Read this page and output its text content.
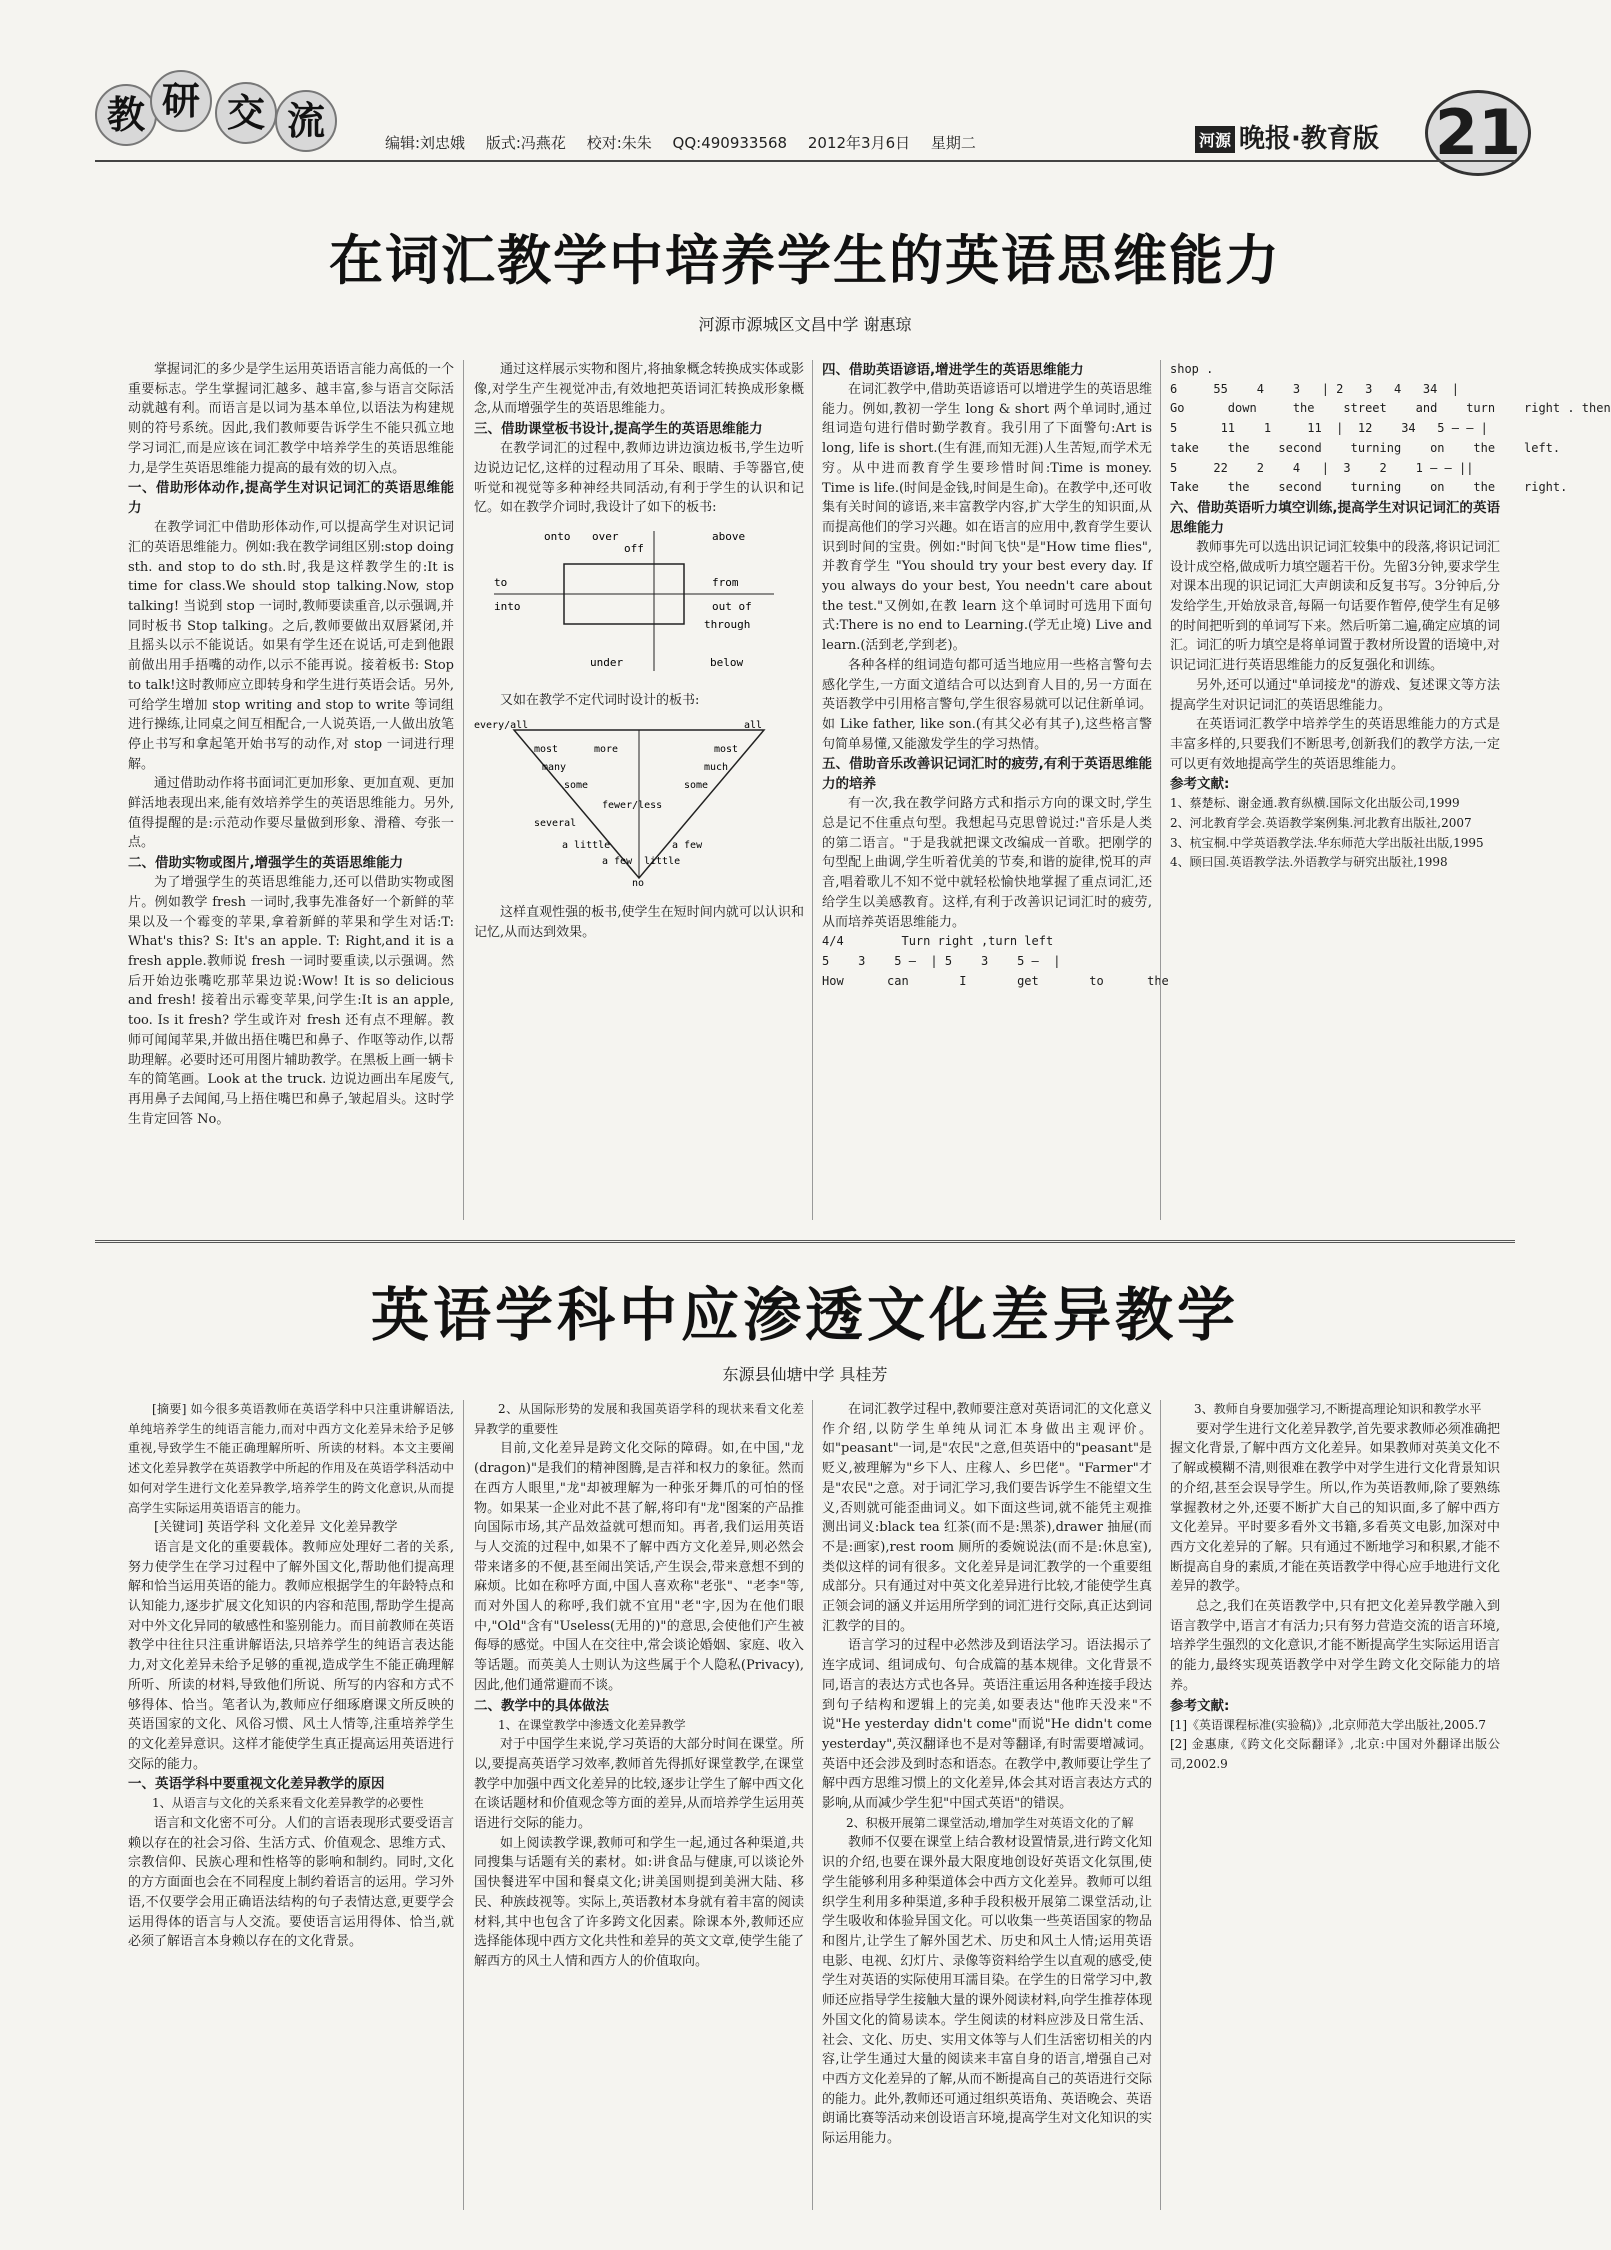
教 研 交 流	编辑:刘忠娥 版式:冯燕花 校对:朱朱 QQ:490933568 2012年3月6日 星期二	河源 晚报·教育版 21
在词汇教学中培养学生的英语思维能力
河源市源城区文昌中学 谢惠琼

掌握词汇的多少是学生运用英语语言能力高低的一个重要标志。学生掌握词汇越多、越丰富,参与语言交际活动就越有利。而语言是以词为基本单位,以语法为构建规则的符号系统。因此,我们教师要告诉学生不能只孤立地学习词汇,而是应该在词汇教学中培养学生的英语思维能力,是学生英语思维能力提高的最有效的切入点。

一、借助形体动作,提高学生对识记词汇的英语思维能力

在教学词汇中借助形体动作,可以提高学生对识记词汇的英语思维能力。例如:我在教学词组区别:stop doing sth. and stop to do sth.时,我是这样教学生的:It is time for class.We should stop talking.Now, stop talking! 当说到 stop 一词时,教师要读重音,以示强调,并同时板书 Stop talking。之后,教师要做出双唇紧闭,并且摇头以示不能说话。如果有学生还在说话,可走到他跟前做出用手捂嘴的动作,以示不能再说。接着板书: Stop to talk!这时教师应立即转身和学生进行英语会话。另外,可给学生增加 stop writing and stop to write 等词组进行操练,让同桌之间互相配合,一人说英语,一人做出放笔停止书写和拿起笔开始书写的动作,对 stop 一词进行理解。

通过借助动作将书面词汇更加形象、更加直观、更加鲜活地表现出来,能有效培养学生的英语思维能力。另外,值得提醒的是:示范动作要尽量做到形象、滑稽、夸张一点。

二、借助实物或图片,增强学生的英语思维能力

为了增强学生的英语思维能力,还可以借助实物或图片。例如教学 fresh 一词时,我事先准备好一个新鲜的苹果以及一个霉变的苹果,拿着新鲜的苹果和学生对话:T: What's this? S: It's an apple. T: Right,and it is a fresh apple.教师说 fresh 一词时要重读,以示强调。然后开始边张嘴吃那苹果边说:Wow! It is so delicious and fresh! 接着出示霉变苹果,问学生:It is an apple, too. Is it fresh? 学生或许对 fresh 还有点不理解。教师可闻闻苹果,并做出捂住嘴巴和鼻子、作呕等动作,以帮助理解。必要时还可用图片辅助教学。在黑板上画一辆卡车的简笔画。Look at the truck. 边说边画出车尾废气,再用鼻子去闻闻,马上捂住嘴巴和鼻子,皱起眉头。这时学生肯定回答 No。

通过这样展示实物和图片,将抽象概念转换成实体或影像,对学生产生视觉冲击,有效地把英语词汇转换成形象概念,从而增强学生的英语思维能力。

三、借助课堂板书设计,提高学生的英语思维能力

在教学词汇的过程中,教师边讲边演边板书,学生边听边说边记忆,这样的过程动用了耳朵、眼睛、手等器官,使听觉和视觉等多种神经共同活动,有利于学生的认识和记忆。如在教学介词时,我设计了如下的板书:

onto over
off
above
to	from
into	out of
through
under	below

又如在教学不定代词时设计的板书:

every/all	all
most	more	most
many	much
some	some
fewer/less
several
a few
a little
a few little
no

这样直观性强的板书,使学生在短时间内就可以认识和记忆,从而达到效果。

四、借助英语谚语,增进学生的英语思维能力

在词汇教学中,借助英语谚语可以增进学生的英语思维能力。例如,教初一学生 long & short 两个单词时,通过组词造句进行借时勤学教育。我引用了下面警句:Art is long, life is short.(生有涯,而知无涯)人生苦短,而学术无穷。从中进而教育学生要珍惜时间:Time is money. Time is life.(时间是金钱,时间是生命)。在教学中,还可收集有关时间的谚语,来丰富教学内容,扩大学生的知识面,从而提高他们的学习兴趣。如在语言的应用中,教育学生要认识到时间的宝贵。例如:"时间飞快"是"How time flies",并教育学生 "You should try your best every day. If you always do your best, You needn't care about the test."又例如,在教 learn 这个单词时可选用下面句式:There is no end to Learning.(学无止境) Live and learn.(活到老,学到老)。

各种各样的组词造句都可适当地应用一些格言警句去感化学生,一方面文道结合可以达到育人目的,另一方面在英语教学中引用格言警句,学生很容易就可以记住新单词。如 Like father, like son.(有其父必有其子),这些格言警句简单易懂,又能激发学生的学习热情。

五、借助音乐改善识记词汇时的疲劳,有利于英语思维能力的培养

有一次,我在教学问路方式和指示方向的课文时,学生总是记不住重点句型。我想起马克思曾说过:"音乐是人类的第二语言。"于是我就把课文改编成一首歌。把刚学的句型配上曲调,学生听着优美的节奏,和谐的旋律,悦耳的声音,唱着歌儿不知不觉中就轻松愉快地掌握了重点词汇,还给学生以美感教育。这样,有利于改善识记词汇时的疲劳,从而培养英语思维能力。

4/4        Turn right ,turn left

5    3    5 —  | 5    3    5 —  |

How      can       I       get       to      the

shop .

6     55    4    3   | 2   3   4   34  |

Go      down     the    street    and    turn    right . then

5      11    1     11  |  12    34   5 — — |

take    the    second    turning    on    the    left.

5     22    2    4   |  3    2    1 — — ||

Take    the    second    turning    on    the    right.

六、借助英语听力填空训练,提高学生对识记词汇的英语思维能力

教师事先可以选出识记词汇较集中的段落,将识记词汇设计成空格,做成听力填空题若干份。先留3分钟,要求学生对课本出现的识记词汇大声朗读和反复书写。3分钟后,分发给学生,开始放录音,每隔一句话要作暂停,使学生有足够的时间把听到的单词写下来。然后听第二遍,确定应填的词汇。词汇的听力填空是将单词置于教材所设置的语境中,对识记词汇进行英语思维能力的反复强化和训练。

另外,还可以通过"单词接龙"的游戏、复述课文等方法提高学生对识记词汇的英语思维能力。

在英语词汇教学中培养学生的英语思维能力的方式是丰富多样的,只要我们不断思考,创新我们的教学方法,一定可以更有效地提高学生的英语思维能力。

参考文献:

1、蔡楚标、谢金通.教育纵横.国际文化出版公司,1999

2、河北教育学会.英语教学案例集.河北教育出版社,2007

3、杭宝桐.中学英语教学法.华东师范大学出版社出版,1995

4、顾曰国.英语教学法.外语教学与研究出版社,1998

英语学科中应渗透文化差异教学
东源县仙塘中学 具桂芳

[摘要] 如今很多英语教师在英语学科中只注重讲解语法,单纯培养学生的纯语言能力,而对中西方文化差异未给予足够重视,导致学生不能正确理解所听、所读的材料。本文主要阐述文化差异教学在英语教学中所起的作用及在英语学科活动中如何对学生进行文化差异教学,培养学生的跨文化意识,从而提高学生实际运用英语语言的能力。

[关键词] 英语学科 文化差异 文化差异教学

语言是文化的重要载体。教师应处理好二者的关系,努力使学生在学习过程中了解外国文化,帮助他们提高理解和恰当运用英语的能力。教师应根据学生的年龄特点和认知能力,逐步扩展文化知识的内容和范围,帮助学生提高对中外文化异同的敏感性和鉴别能力。而目前教师在英语教学中往往只注重讲解语法,只培养学生的纯语言表达能力,对文化差异未给予足够的重视,造成学生不能正确理解所听、所读的材料,导致他们所说、所写的内容和方式不够得体、恰当。笔者认为,教师应仔细琢磨课文所反映的英语国家的文化、风俗习惯、风土人情等,注重培养学生的文化差异意识。这样才能使学生真正提高运用英语进行交际的能力。

一、英语学科中要重视文化差异教学的原因

1、从语言与文化的关系来看文化差异教学的必要性

语言和文化密不可分。人们的言语表现形式要受语言赖以存在的社会习俗、生活方式、价值观念、思维方式、宗教信仰、民族心理和性格等的影响和制约。同时,文化的方方面面也会在不同程度上制约着语言的运用。学习外语,不仅要学会用正确语法结构的句子表情达意,更要学会运用得体的语言与人交流。要使语言运用得体、恰当,就必须了解语言本身赖以存在的文化背景。

2、从国际形势的发展和我国英语学科的现状来看文化差异教学的重要性

目前,文化差异是跨文化交际的障碍。如,在中国,"龙(dragon)"是我们的精神图腾,是吉祥和权力的象征。然而在西方人眼里,"龙"却被理解为一种张牙舞爪的可怕的怪物。如果某一企业对此不甚了解,将印有"龙"图案的产品推向国际市场,其产品效益就可想而知。再者,我们运用英语与人交流的过程中,如果不了解中西方文化差异,则必然会带来诸多的不便,甚至闹出笑话,产生误会,带来意想不到的麻烦。比如在称呼方面,中国人喜欢称"老张"、"老李"等,而对外国人的称呼,我们就不宜用"老"字,因为在他们眼中,"Old"含有"Useless(无用的)"的意思,会使他们产生被侮辱的感觉。中国人在交往中,常会谈论婚姻、家庭、收入等话题。而英美人士则认为这些属于个人隐私(Privacy),因此,他们通常避而不谈。

二、教学中的具体做法

1、在课堂教学中渗透文化差异教学

对于中国学生来说,学习英语的大部分时间在课堂。所以,要提高英语学习效率,教师首先得抓好课堂教学,在课堂教学中加强中西文化差异的比较,逐步让学生了解中西文化在谈话题材和价值观念等方面的差异,从而培养学生运用英语进行交际的能力。

如上阅读教学课,教师可和学生一起,通过各种渠道,共同搜集与话题有关的素材。如:讲食品与健康,可以谈论外国快餐进军中国和餐桌文化;讲美国则提到美洲大陆、移民、种族歧视等。实际上,英语教材本身就有着丰富的阅读材料,其中也包含了许多跨文化因素。除课本外,教师还应选择能体现中西方文化共性和差异的英文文章,使学生能了解西方的风土人情和西方人的价值取向。

在词汇教学过程中,教师要注意对英语词汇的文化意义作介绍,以防学生单纯从词汇本身做出主观评价。如"peasant"一词,是"农民"之意,但英语中的"peasant"是贬义,被理解为"乡下人、庄稼人、乡巴佬"。"Farmer"才是"农民"之意。对于词汇学习,我们要告诉学生不能望文生义,否则就可能歪曲词义。如下面这些词,就不能凭主观推测出词义:black tea 红茶(而不是:黑茶),drawer 抽屉(而不是:画家),rest room 厕所的委婉说法(而不是:休息室),类似这样的词有很多。文化差异是词汇教学的一个重要组成部分。只有通过对中英文化差异进行比较,才能使学生真正领会词的涵义并运用所学到的词汇进行交际,真正达到词汇教学的目的。

语言学习的过程中必然涉及到语法学习。语法揭示了连字成词、组词成句、句合成篇的基本规律。文化背景不同,语言的表达方式也各异。英语注重运用各种连接手段达到句子结构和逻辑上的完美,如要表达"他昨天没来"不说"He yesterday didn't come"而说"He didn't come yesterday",英汉翻译也不是对等翻译,有时需要增减词。英语中还会涉及到时态和语态。在教学中,教师要让学生了解中西方思维习惯上的文化差异,体会其对语言表达方式的影响,从而减少学生犯"中国式英语"的错误。

2、积极开展第二课堂活动,增加学生对英语文化的了解

教师不仅要在课堂上结合教材设置情景,进行跨文化知识的介绍,也要在课外最大限度地创设好英语文化氛围,使学生能够利用多种渠道体会中西方文化差异。教师可以组织学生利用多种渠道,多种手段积极开展第二课堂活动,让学生吸收和体验异国文化。可以收集一些英语国家的物品和图片,让学生了解外国艺术、历史和风土人情;运用英语电影、电视、幻灯片、录像等资料给学生以直观的感受,使学生对英语的实际使用耳濡目染。在学生的日常学习中,教师还应指导学生接触大量的课外阅读材料,向学生推荐体现外国文化的简易读本。学生阅读的材料应涉及日常生活、社会、文化、历史、实用文体等与人们生活密切相关的内容,让学生通过大量的阅读来丰富自身的语言,增强自己对中西方文化差异的了解,从而不断提高自己的英语进行交际的能力。此外,教师还可通过组织英语角、英语晚会、英语朗诵比赛等活动来创设语言环境,提高学生对文化知识的实际运用能力。

3、教师自身要加强学习,不断提高理论知识和教学水平

要对学生进行文化差异教学,首先要求教师必须准确把握文化背景,了解中西方文化差异。如果教师对英美文化不了解或模糊不清,则很难在教学中对学生进行文化背景知识的介绍,甚至会误导学生。所以,作为英语教师,除了要熟练掌握教材之外,还要不断扩大自己的知识面,多了解中西方文化差异。平时要多看外文书籍,多看英文电影,加深对中西方文化差异的了解。只有通过不断地学习和积累,才能不断提高自身的素质,才能在英语教学中得心应手地进行文化差异的教学。

总之,我们在英语教学中,只有把文化差异教学融入到语言教学中,语言才有活力;只有努力营造交流的语言环境,培养学生强烈的文化意识,才能不断提高学生实际运用语言的能力,最终实现英语教学中对学生跨文化交际能力的培养。

参考文献:

[1]《英语课程标准(实验稿)》,北京师范大学出版社,2005.7

[2] 金惠康,《跨文化交际翻译》,北京:中国对外翻译出版公司,2002.9
